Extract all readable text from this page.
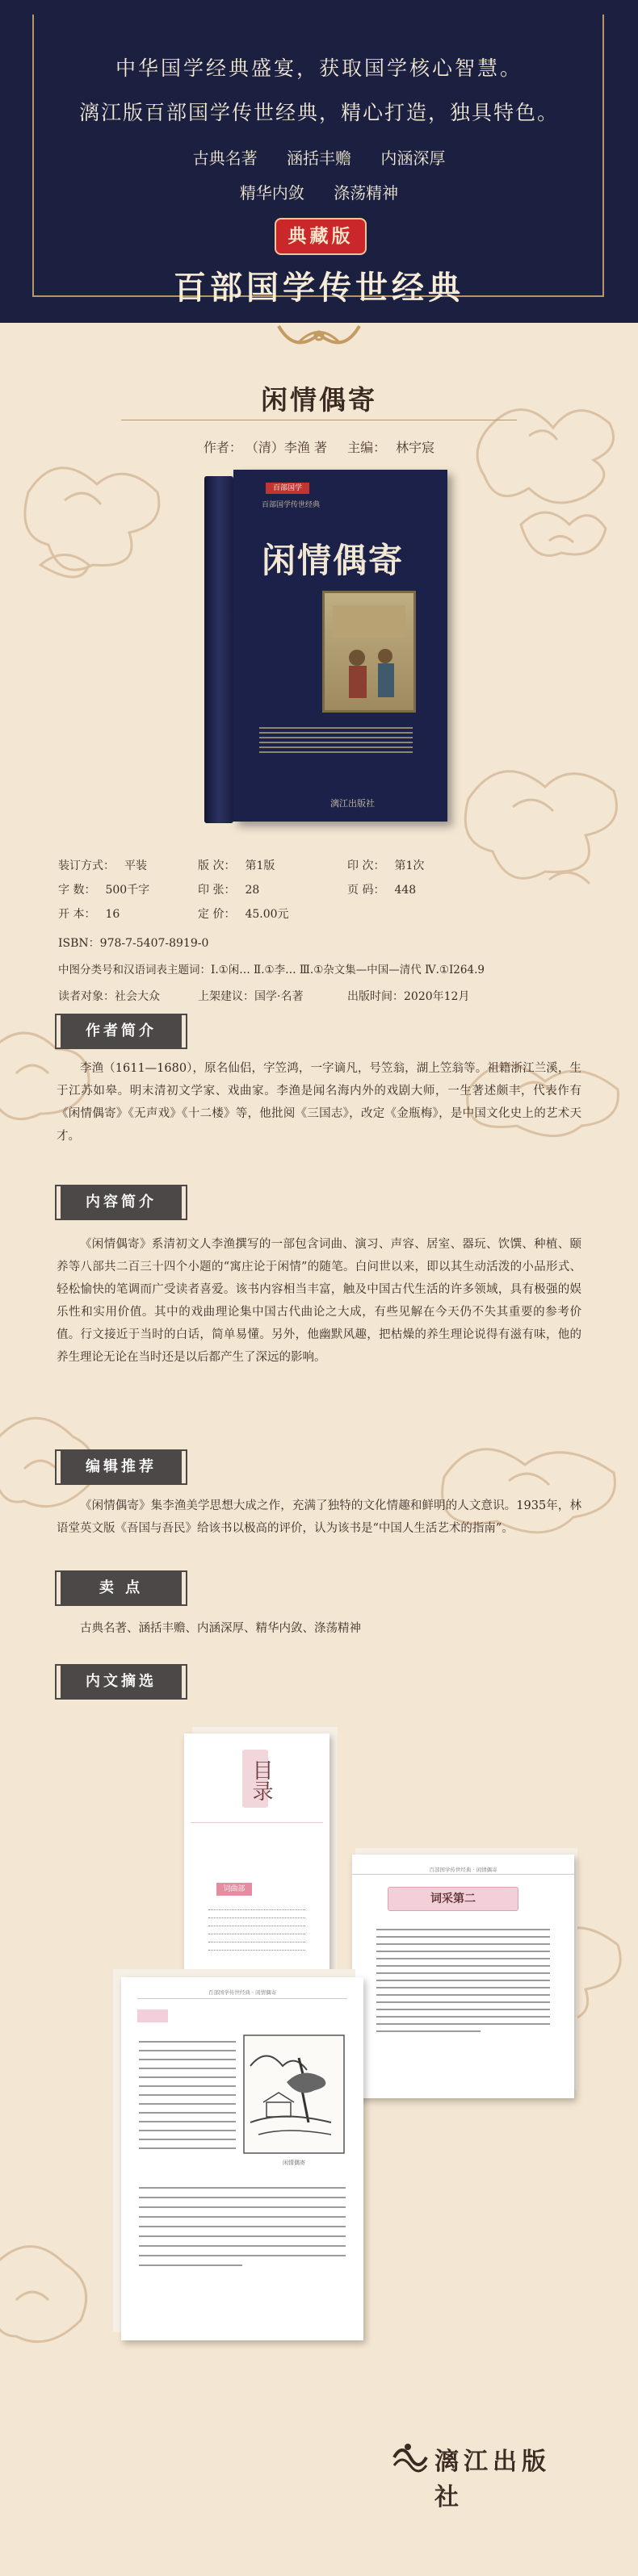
中华国学经典盛宴，获取国学核心智慧。
漓江版百部国学传世经典，精心打造，独具特色。
古典名著 涵括丰赡 内涵深厚
精华内敛 涤荡精神
典藏版
百部国学传世经典
闲情偶寄
作者： （清）李渔 著 主编： 林宇宸
百部国学
百部国学传世经典
闲情偶寄
漓江出版社
装订方式： 平装	版 次： 第1版	印 次： 第1次
字 数： 500千字	印 张： 28	页 码： 448
开 本： 16	定 价： 45.00元
ISBN：978-7-5407-8919-0
中图分类号和汉语词表主题词：Ⅰ.①闲… Ⅱ.①李… Ⅲ.①杂文集—中国—清代 Ⅳ.①I264.9
读者对象：社会大众	上架建议：国学·名著	出版时间：2020年12月
作者简介
李渔（1611—1680），原名仙侣，字笠鸿，一字谪凡，号笠翁，湖上笠翁等。祖籍浙江兰溪，生于江苏如皋。明末清初文学家、戏曲家。李渔是闻名海内外的戏剧大师，一生著述颇丰，代表作有《闲情偶寄》《无声戏》《十二楼》等，他批阅《三国志》，改定《金瓶梅》，是中国文化史上的艺术天才。
内容简介
《闲情偶寄》系清初文人李渔撰写的一部包含词曲、演习、声容、居室、器玩、饮馔、种植、颐养等八部共二百三十四个小题的“寓庄论于闲情”的随笔。白问世以来，即以其生动活泼的小品形式、轻松愉快的笔调而广受读者喜爱。该书内容相当丰富，触及中国古代生活的许多领域，具有极强的娱乐性和实用价值。其中的戏曲理论集中国古代曲论之大成，有些见解在今天仍不失其重要的参考价值。行文接近于当时的白话，简单易懂。另外，他幽默风趣，把枯燥的养生理论说得有滋有味，他的养生理论无论在当时还是以后都产生了深远的影响。
编辑推荐
《闲情偶寄》集李渔美学思想大成之作，充满了独特的文化情趣和鲜明的人文意识。1935年，林语堂英文版《吾国与吾民》给该书以极高的评价，认为该书是“中国人生活艺术的指南”。
卖 点
古典名著、涵括丰赡、内涵深厚、精华内敛、涤荡精神
内文摘选
目录
词曲部
百部国学传世经典 · 闲情偶寄
词采第二
百部国学传世经典 · 闲情偶寄
闲情偶寄
漓江出版社
